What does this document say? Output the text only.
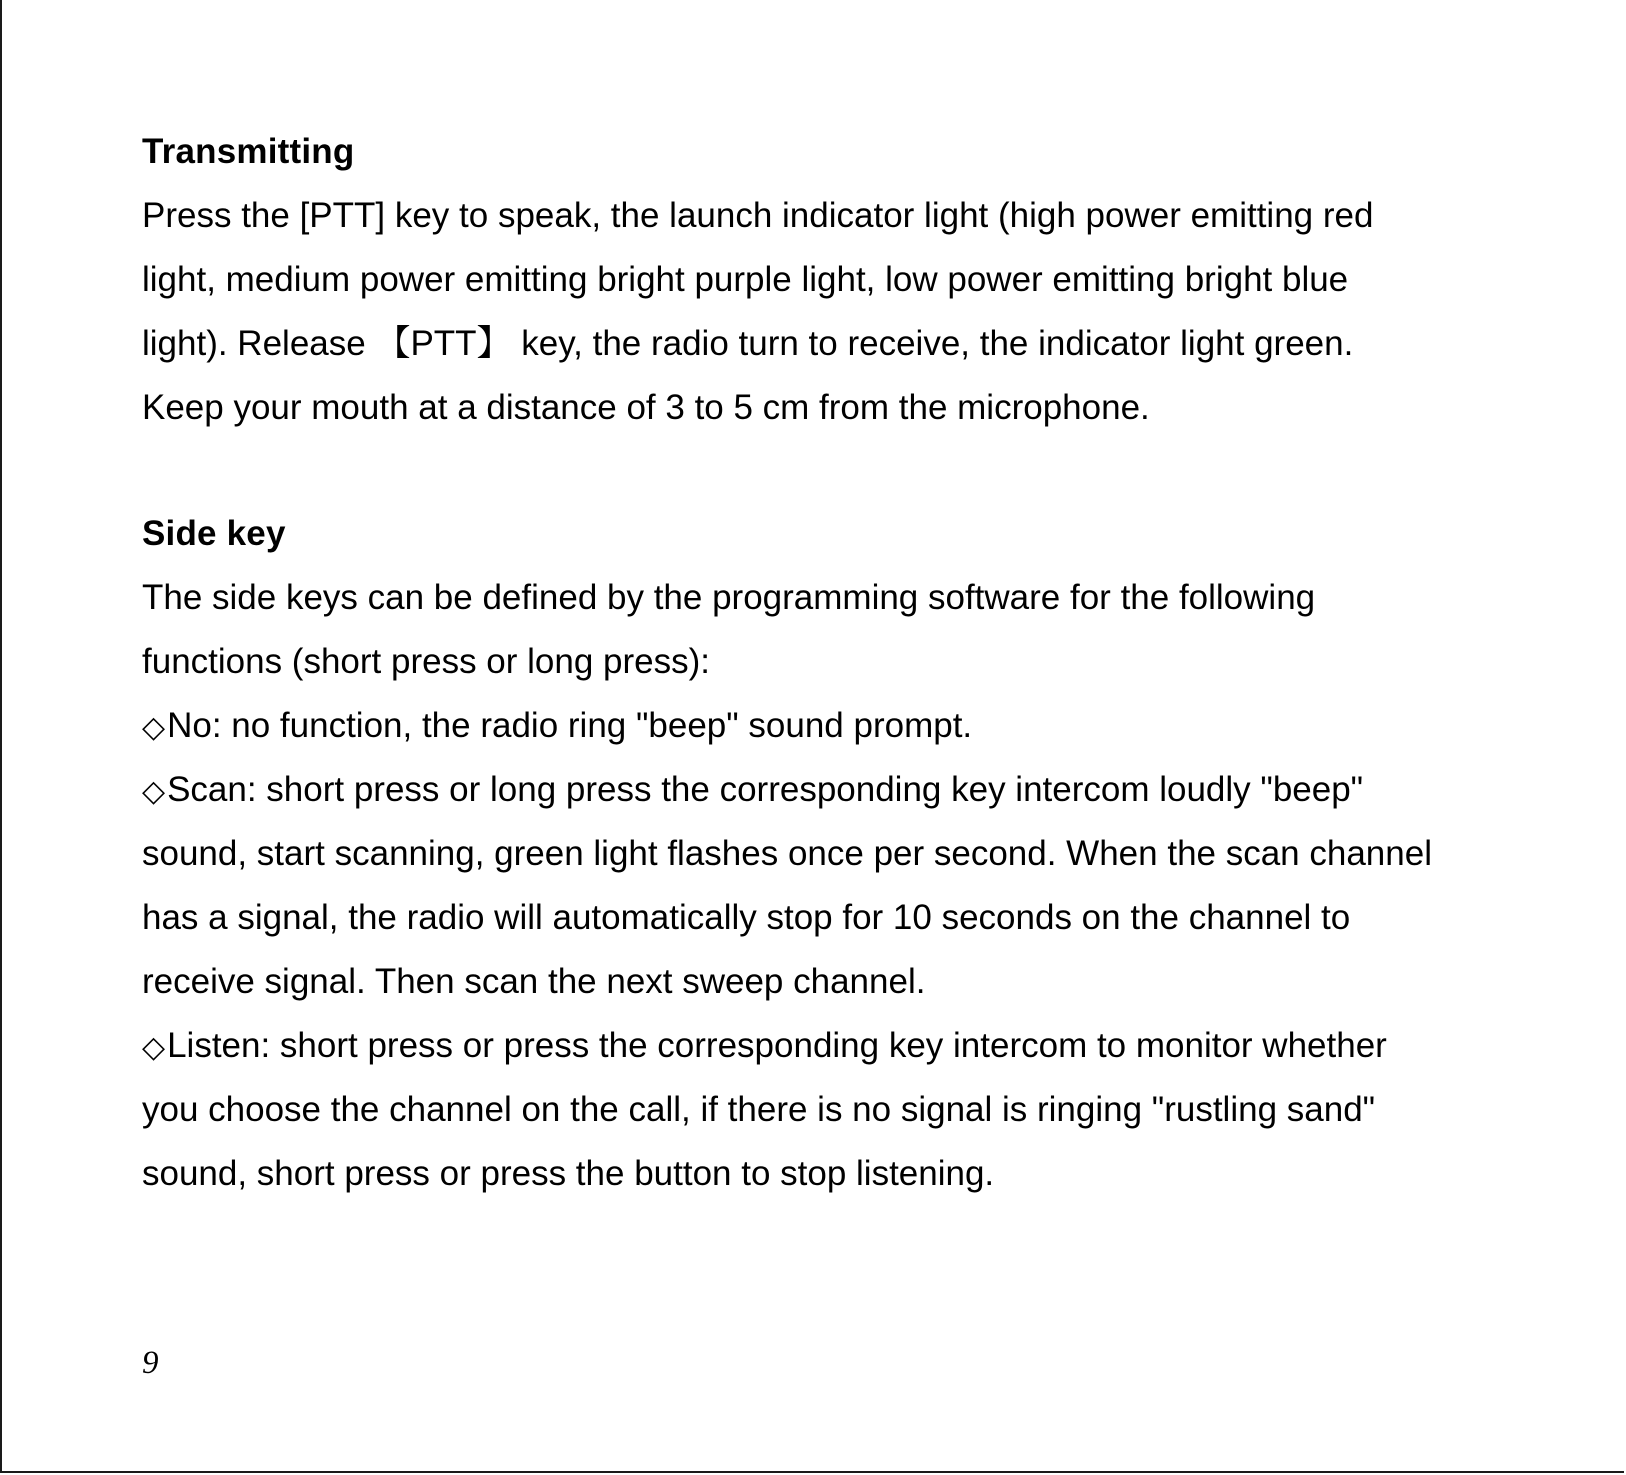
Transmitting
Press the [PTT] key to speak, the launch indicator light (high power emitting red
light, medium power emitting bright purple light, low power emitting bright blue
light). Release 【PTT】 key, the radio turn to receive, the indicator light green.
Keep your mouth at a distance of 3 to 5 cm from the microphone.
Side key
The side keys can be defined by the programming software for the following
functions (short press or long press):
◇No: no function, the radio ring "beep" sound prompt.
◇Scan: short press or long press the corresponding key intercom loudly "beep"
sound, start scanning, green light flashes once per second. When the scan channel
has a signal, the radio will automatically stop for 10 seconds on the channel to
receive signal. Then scan the next sweep channel.
◇Listen: short press or press the corresponding key intercom to monitor whether
you choose the channel on the call, if there is no signal is ringing "rustling sand"
sound, short press or press the button to stop listening.
9
